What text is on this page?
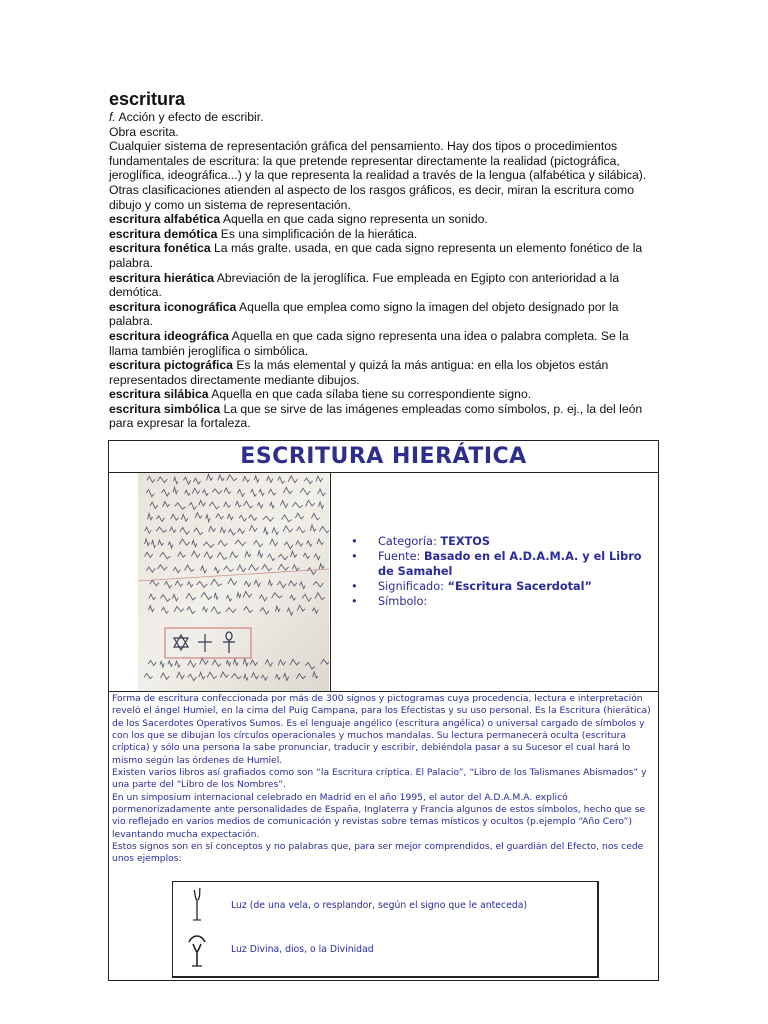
escritura

f. Acción y efecto de escribir.

Obra escrita.

Cualquier sistema de representación gráfica del pensamiento. Hay dos tipos o procedimientos fundamentales de escritura: la que pretende representar directamente la realidad (pictográfica, jeroglífica, ideográfica...) y la que representa la realidad a través de la lengua (alfabética y silábica). Otras clasificaciones atienden al aspecto de los rasgos gráficos, es decir, miran la escritura como dibujo y como un sistema de representación.

escritura alfabética Aquella en que cada signo representa un sonido.

escritura demótica Es una simplificación de la hierática.

escritura fonética La más gralte. usada, en que cada signo representa un elemento fonético de la palabra.

escritura hierática Abreviación de la jeroglífica. Fue empleada en Egipto con anterioridad a la demótica.

escritura iconográfica Aquella que emplea como signo la imagen del objeto designado por la palabra.

escritura ideográfica Aquella en que cada signo representa una idea o palabra completa. Se la llama también jeroglífica o simbólica.

escritura pictográfica Es la más elemental y quizá la más antigua: en ella los objetos están representados directamente mediante dibujos.

escritura silábica Aquella en que cada sílaba tiene su correspondiente signo.

escritura simbólica La que se sirve de las imágenes empleadas como símbolos, p. ej., la del león para expresar la fortaleza.

ESCRITURA HIERÁTICA
• Categoría: TEXTOS
• Fuente: Basado en el A.D.A.M.A. y el Libro de Samahel
• Significado: “Escritura Sacerdotal”
• Símbolo:

Forma de escritura confeccionada por más de 300 signos y pictogramas cuya procedencia, lectura e interpretación reveló el ángel Humiel, en la cima del Puig Campana, para los Efectistas y su uso personal. Es la Escritura (hierática) de los Sacerdotes Operativos Sumos. Es el lenguaje angélico (escritura angélica) o universal cargado de símbolos y con los que se dibujan los círculos operacionales y muchos mandalas. Su lectura permanecerá oculta (escritura críptica) y sólo una persona la sabe pronunciar, traducir y escribir, debiéndola pasar a su Sucesor el cual hará lo mismo según las órdenes de Humiel.

Existen varios libros así grafiados como son “la Escritura críptica. El Palacio”, “Libro de los Talismanes Abismados” y una parte del “Libro de los Nombres”.

En un simposium internacional celebrado en Madrid en el año 1995, el autor del A.D.A.M.A. explicó pormenorizadamente ante personalidades de España, Inglaterra y Francia algunos de estos símbolos, hecho que se vio reflejado en varios medios de comunicación y revistas sobre temas místicos y ocultos (p.ejemplo “Año Cero”) levantando mucha expectación.

Estos signos son en sí conceptos y no palabras que, para ser mejor comprendidos, el guardián del Efecto, nos cede unos ejemplos:

Luz (de una vela, o resplandor, según el signo que le anteceda)
Luz Divina, dios, o la Divinidad
